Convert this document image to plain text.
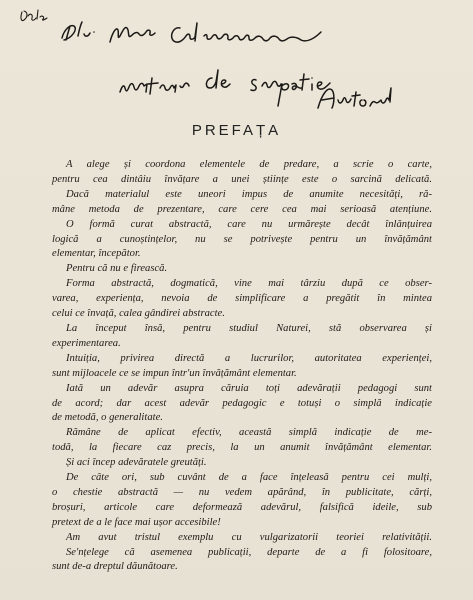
PREFAȚA
A alege și coordona elementele de predare, a scrie o carte,
pentru cea dintâiu învățare a unei științe este o sarcină delicată.
Dacă materialul este uneori impus de anumite necesități, ră-
mâne metoda de prezentare, care cere cea mai serioasă atențiune.
O formă curat abstractă, care nu urmărește decât înlănțuirea
logică a cunoștințelor, nu se potrivește pentru un învățământ
elementar, începător.
Pentru că nu e firească.
Forma abstractă, dogmatică, vine mai târziu după ce obser-
varea, experiența, nevoia de simplificare a pregătit în mintea
celui ce învață, calea gândirei abstracte.
La început însă, pentru studiul Naturei, stă observarea și
experimentarea.
Intuiția, privirea directă a lucrurilor, autoritatea experienței,
sunt mijloacele ce se impun într'un învățământ elementar.
Iată un adevăr asupra căruia toți adevărații pedagogi sunt
de acord; dar acest adevăr pedagogic e totuși o simplă indicație
de metodă, o generalitate.
Rămâne de aplicat efectiv, această simplă indicație de me-
todă, la fiecare caz precis, la un anumit învățământ elementar.
Și aci încep adevăratele greutăți.
De câte ori, sub cuvânt de a face înțeleasă pentru cei mulți,
o chestie abstractă — nu vedem apărând, în publicitate, cărți,
broșuri, articole care deformează adevărul, falsifică ideile, sub
pretext de a le face mai ușor accesibile!
Am avut tristul exemplu cu vulgarizatorii teoriei relativității.
Se'nțelege că asemenea publicații, departe de a fi folositoare,
sunt de-a dreptul dăunătoare.
